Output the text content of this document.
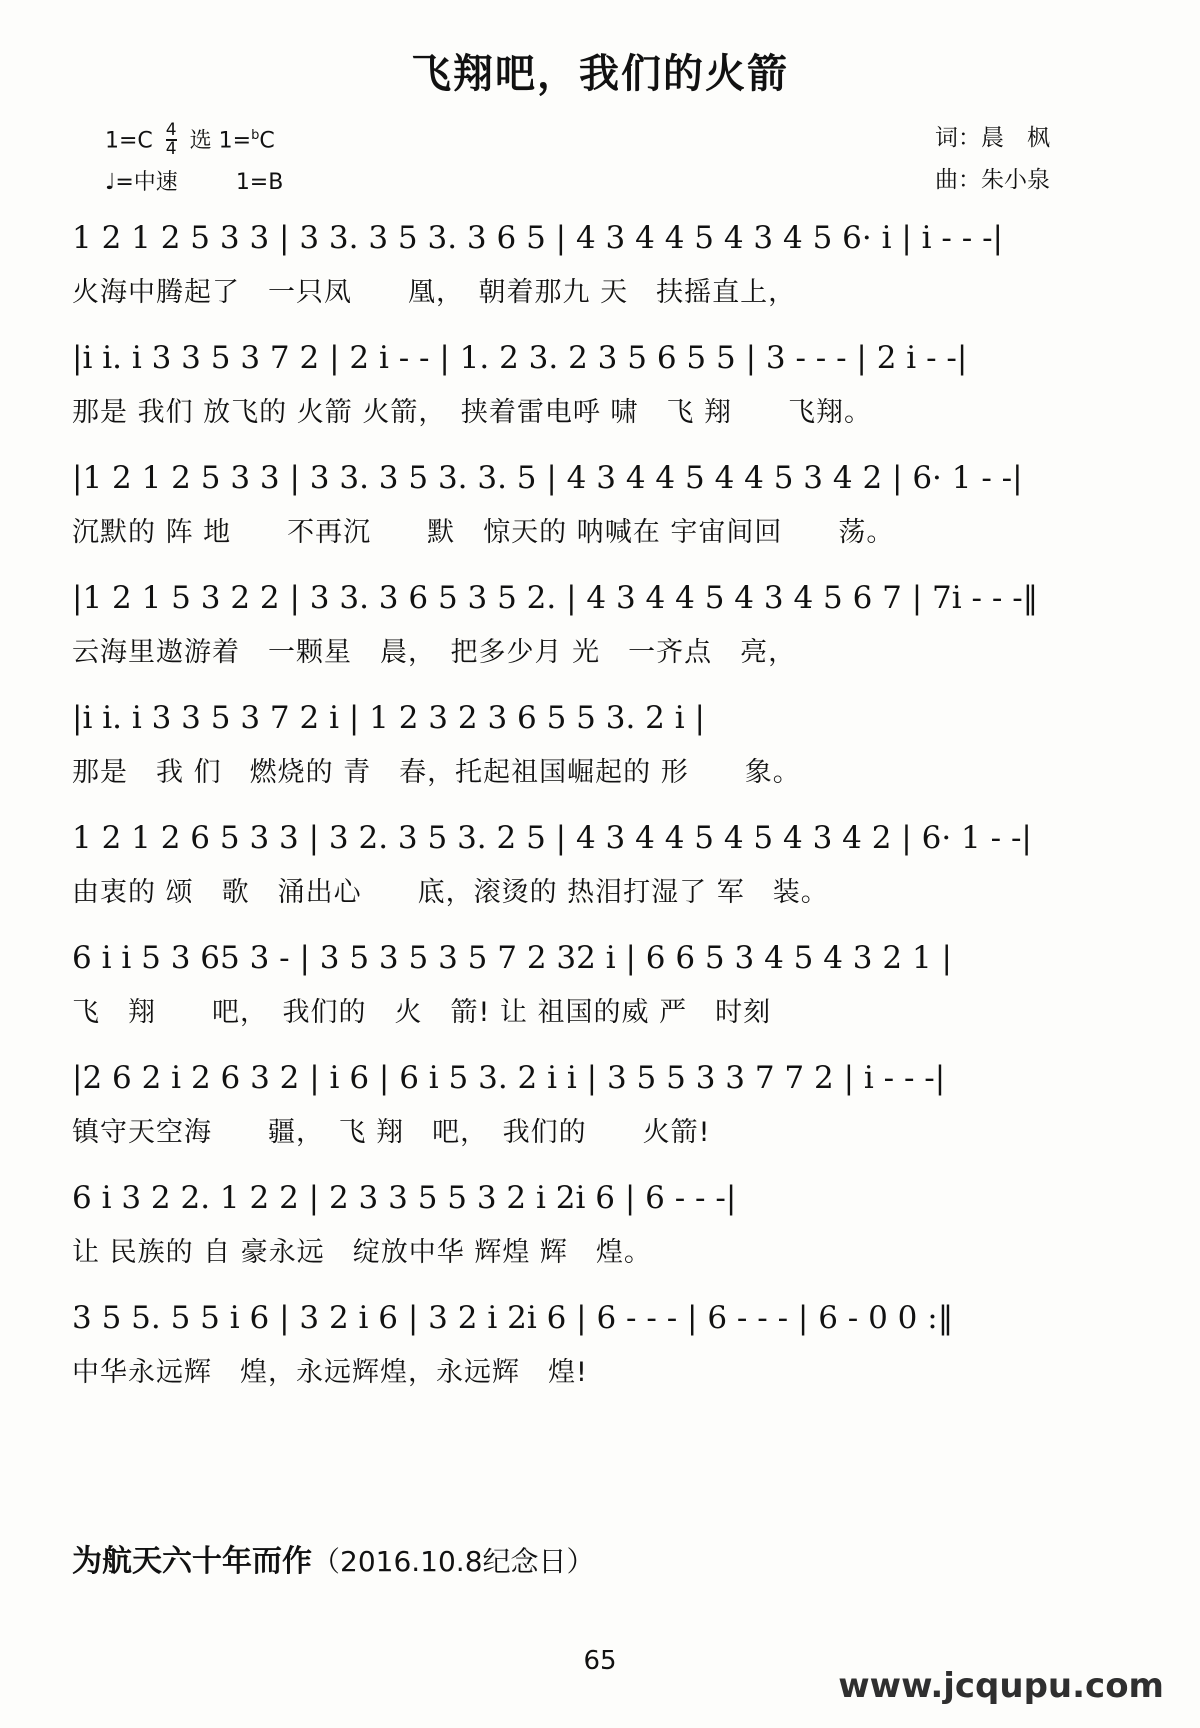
飞翔吧，我们的火箭
$1=C \frac{4}{4}$ 选 1=$^b$C
♩=中速	1=B
词：晨　枫
曲：朱小泉
1 2 1 2 5 3 3 | 3 3. 3 5 3. 3 6 5 | 4 3 4 4 5 4 3 4 5 6· i | i - - -|
火海中腾起了　一只凤　　凰，　朝着那九 天　扶摇直上，
|i i. i 3 3 5 3 7 2 | 2 i - - | 1. 2 3. 2 3 5 6 5 5 | 3 - - - | 2 i - -|
那是 我们 放飞的 火箭 火箭，　挟着雷电呼 啸　飞 翔　　飞翔。
|1 2 1 2 5 3 3 | 3 3. 3 5 3. 3. 5 | 4 3 4 4 5 4 4 5 3 4 2 | 6· 1 - -|
沉默的 阵 地　　不再沉　　默　惊天的 呐喊在 宇宙间回　　荡。
|1 2 1 5 3 2 2 | 3 3. 3 6 5 3 5 2. | 4 3 4 4 5 4 3 4 5 6 7 | 7i - - -‖
云海里遨游着　一颗星　晨，　把多少月 光　一齐点　亮，
|i i. i 3 3 5 3 7 2 i | 1 2 3 2 3 6 5 5 3. 2 i |
那是　我 们　燃烧的 青　春，托起祖国崛起的 形　　象。
1 2 1 2 6 5 3 3 | 3 2. 3 5 3. 2 5 | 4 3 4 4 5 4 5 4 3 4 2 | 6· 1 - -|
由衷的 颂　歌　涌出心　　底，滚烫的 热泪打湿了 军　装。
6 i i 5 3 65 3 - | 3 5 3 5 3 5 7 2 32 i | 6 6 5 3 4 5 4 3 2 1 |
飞　翔　　吧，　我们的　火　箭! 让 祖国的威 严　时刻
|2 6 2 i 2 6 3 2 | i 6 | 6 i 5 3. 2 i i | 3 5 5 3 3 7 7 2 | i - - -|
镇守天空海　　疆，　飞 翔　吧，　我们的　　火箭!
6 i 3 2 2. 1 2 2 | 2 3 3 5 5 3 2 i 2i 6 | 6 - - -|
让 民族的 自 豪永远　绽放中华 辉煌 辉　煌。
3 5 5. 5 5 i 6 | 3 2 i 6 | 3 2 i 2i 6 | 6 - - - | 6 - - - | 6 - 0 0 :‖
中华永远辉　煌，永远辉煌，永远辉　煌!
为航天六十年而作（2016.10.8纪念日）
65
www.jcqupu.com
